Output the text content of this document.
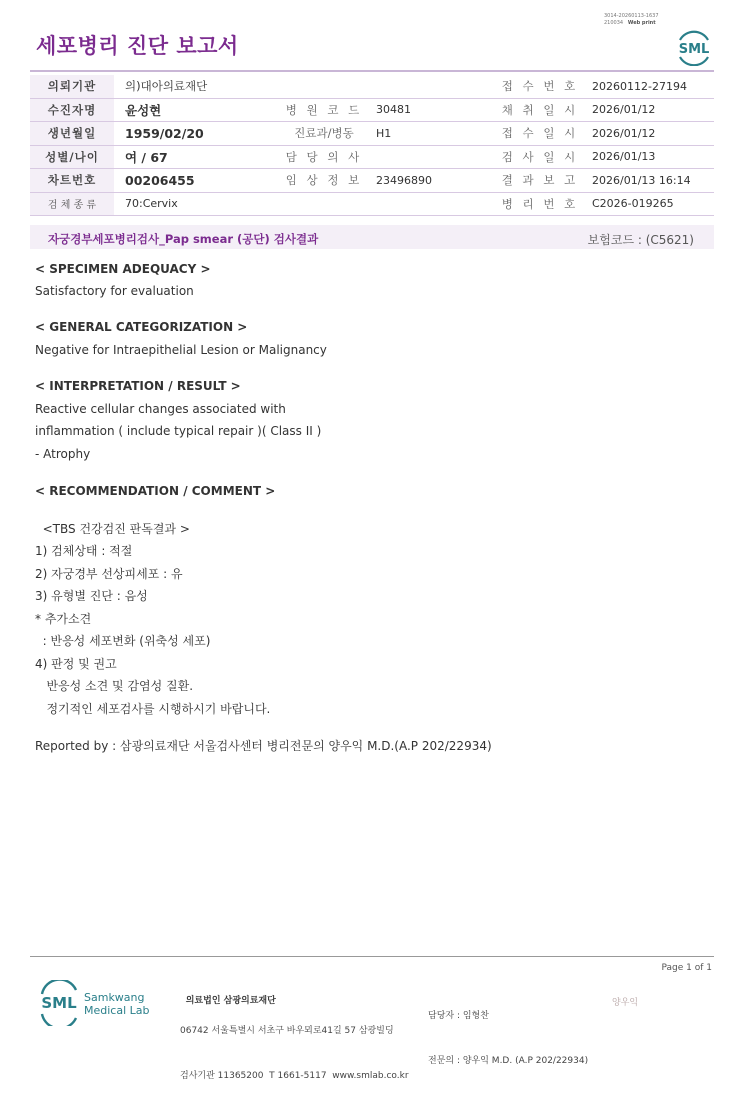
3014-20260113-1637
210034 Web print
세포병리 진단 보고서	SML
의뢰기관	의)대아의료재단			접 수 번 호	20260112-27194
수진자명	윤성현	병 원 코 드	30481	채 취 일 시	2026/01/12
생년월일	1959/02/20	진료과/병동	H1	접 수 일 시	2026/01/12
성별/나이	여 / 67	담 당 의 사		검 사 일 시	2026/01/13
차트번호	00206455	임 상 정 보	23496890	결 과 보 고	2026/01/13 16:14
검 체 종 류	70:Cervix			병 리 번 호	C2026-019265
자궁경부세포병리검사_Pap smear (공단) 검사결과	보험코드 : (C5621)
< SPECIMEN ADEQUACY >
Satisfactory for evaluation
< GENERAL CATEGORIZATION >
Negative for Intraepithelial Lesion or Malignancy
< INTERPRETATION / RESULT >
Reactive cellular changes associated with
inflammation ( include typical repair )( Class II )
- Atrophy
< RECOMMENDATION / COMMENT >
<TBS 건강검진 판독결과 >
1) 검체상태 : 적절
2) 자궁경부 선상피세포 : 유
3) 유형별 진단 : 음성
* 추가소견
: 반응성 세포변화 (위축성 세포)
4) 판정 및 권고
반응성 소견 및 감염성 질환.
정기적인 세포검사를 시행하시기 바랍니다.
Reported by : 삼광의료재단 서울검사센터 병리전문의 양우익 M.D.(A.P 202/22934)
Page 1 of 1
SML Samkwang
Medical Lab

의료법인 삼광의료재단

06742 서울특별시 서초구 바우뫼로41길 57 삼광빌딩

검사기관 11365200  T 1661-5117  www.smlab.co.kr

담당자 : 임형찬

전문의 : 양우익 M.D. (A.P 202/22934)

양우익
